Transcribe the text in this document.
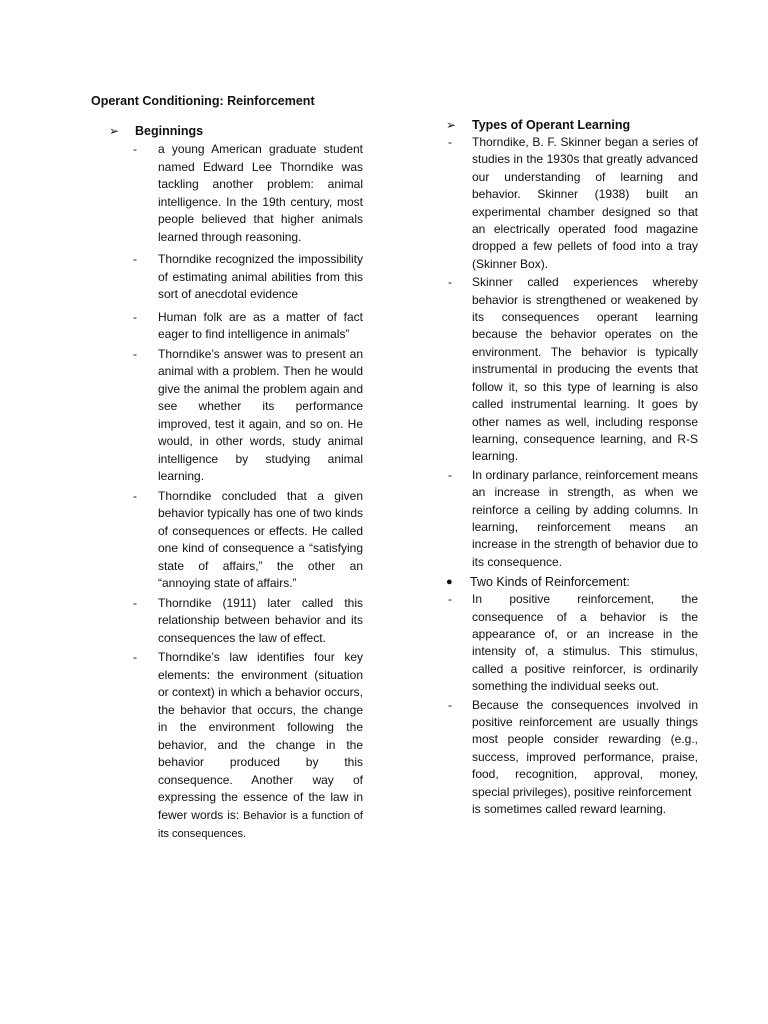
Operant Conditioning: Reinforcement
➢	Beginnings
- a young American graduate student named Edward Lee Thorndike was tackling another problem: animal intelligence. In the 19th century, most people believed that higher animals learned through reasoning.
- Thorndike recognized the impossibility of estimating animal abilities from this sort of anecdotal evidence
- Human folk are as a matter of fact eager to find intelligence in animals”
- Thorndike’s answer was to present an animal with a problem. Then he would give the animal the problem again and see whether its performance improved, test it again, and so on. He would, in other words, study animal intelligence by studying animal learning.
- Thorndike concluded that a given behavior typically has one of two kinds of consequences or effects. He called one kind of consequence a “satisfying state of affairs,” the other an “annoying state of affairs.”
- Thorndike (1911) later called this relationship between behavior and its consequences the law of effect.
- Thorndike’s law identifies four key elements: the environment (situation or context) in which a behavior occurs, the behavior that occurs, the change in the environment following the behavior, and the change in the behavior produced by this consequence. Another way of expressing the essence of the law in fewer words is: Behavior is a function of its consequences.
➢	Types of Operant Learning
- Thorndike, B. F. Skinner began a series of studies in the 1930s that greatly advanced our understanding of learning and behavior. Skinner (1938) built an experimental chamber designed so that an electrically operated food magazine dropped a few pellets of food into a tray (Skinner Box).
- Skinner called experiences whereby behavior is strengthened or weakened by its consequences operant learning because the behavior operates on the environment. The behavior is typically instrumental in producing the events that follow it, so this type of learning is also called instrumental learning. It goes by other names as well, including response learning, consequence learning, and R-S learning.
- In ordinary parlance, reinforcement means an increase in strength, as when we reinforce a ceiling by adding columns. In learning, reinforcement means an increase in the strength of behavior due to its consequence.
●	Two Kinds of Reinforcement:
- In positive reinforcement, the consequence of a behavior is the appearance of, or an increase in the intensity of, a stimulus. This stimulus, called a positive reinforcer, is ordinarily something the individual seeks out.
- Because the consequences involved in positive reinforcement are usually things most people consider rewarding (e.g., success, improved performance, praise, food, recognition, approval, money, special privileges), positive reinforcement
is sometimes called reward learning.
